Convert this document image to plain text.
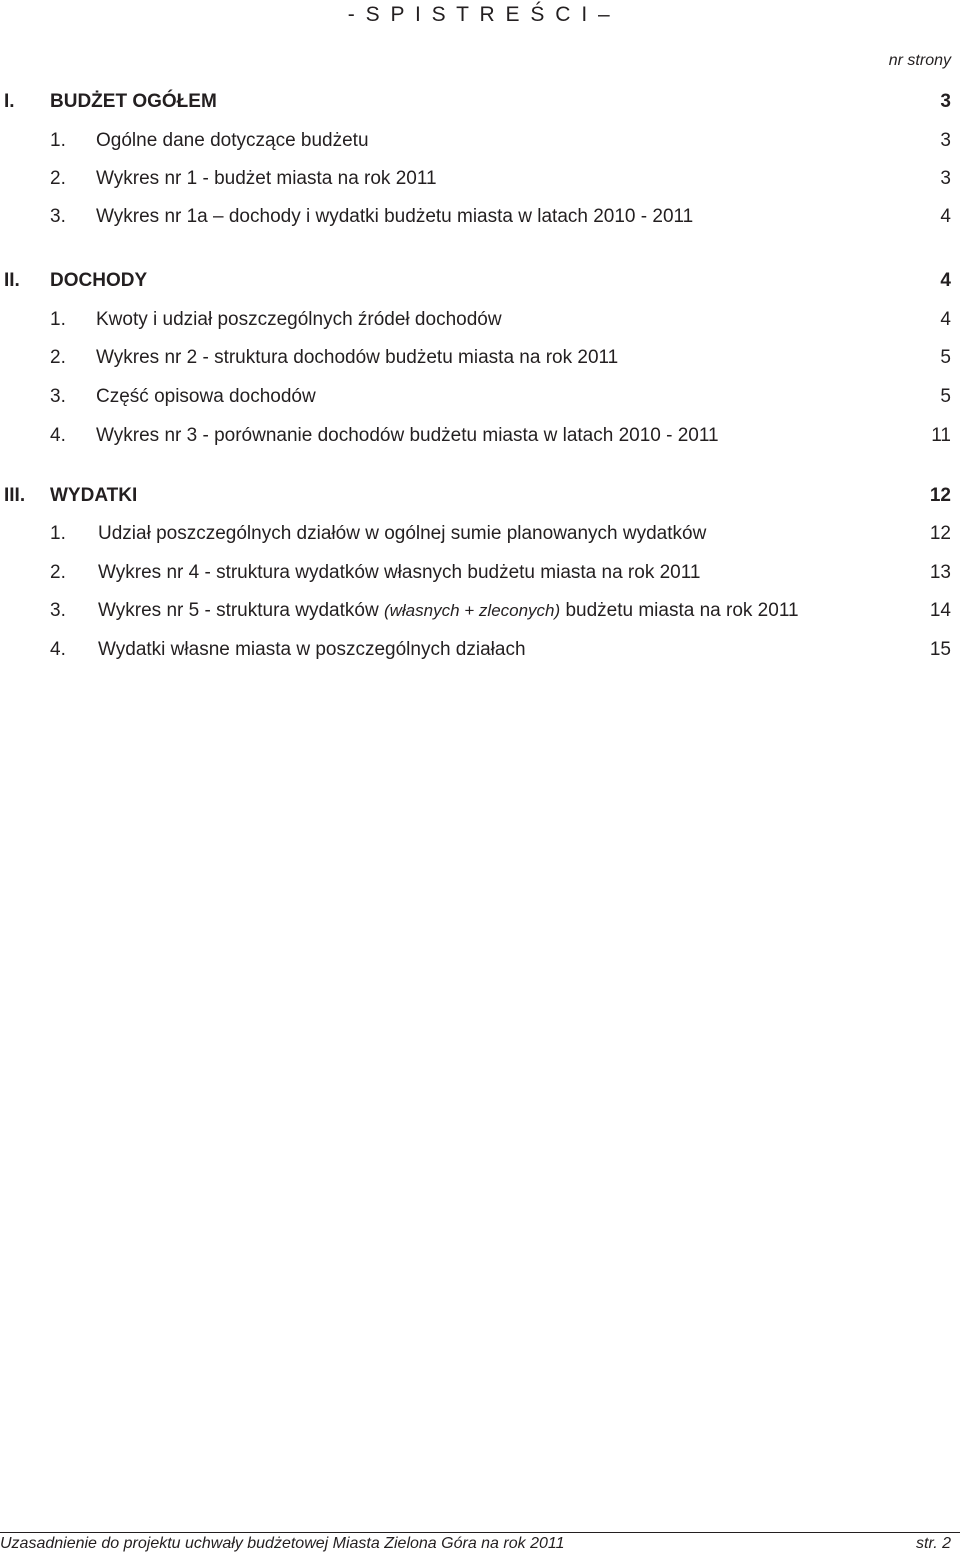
- S P I S T R E Ś C I –
nr strony
I. BUDŻET OGÓŁEM	3
1. Ogólne dane dotyczące budżetu	3
2. Wykres nr 1 - budżet miasta na rok 2011	3
3. Wykres nr 1a – dochody i wydatki budżetu miasta w latach 2010 - 2011	4
II. DOCHODY	4
1. Kwoty i udział poszczególnych źródeł dochodów	4
2. Wykres nr 2 - struktura dochodów budżetu miasta na rok 2011	5
3. Część opisowa dochodów	5
4. Wykres nr 3 - porównanie dochodów budżetu miasta w latach 2010 - 2011	11
III. WYDATKI	12
1. Udział poszczególnych działów w ogólnej sumie planowanych wydatków	12
2. Wykres nr 4 - struktura wydatków własnych budżetu miasta na rok 2011	13
3. Wykres nr 5 - struktura wydatków (własnych + zleconych) budżetu miasta na rok 2011	14
4. Wydatki własne miasta w poszczególnych działach	15
Uzasadnienie do projektu uchwały budżetowej Miasta Zielona Góra na rok 2011	str. 2
